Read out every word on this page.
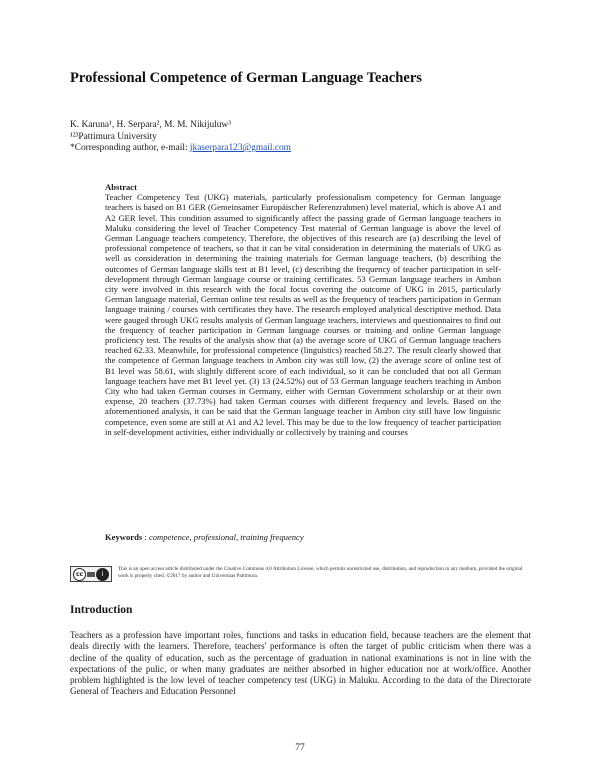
Professional Competence of German Language Teachers
K. Karuna¹, H. Serpara², M. M. Nikijuluw³
¹²³Pattimura University
*Corresponding author, e-mail: jkaserpara123@gmail.com
Abstract
Teacher Competency Test (UKG) materials, particularly professionalism competency for German language teachers is based on B1 GER (Gemeinsamer Europäischer Referenzrahmen) level material, which is above A1 and A2 GER level. This condition assumed to significantly affect the passing grade of German language teachers in Maluku considering the level of Teacher Competency Test material of German language is above the level of German Language teachers competency. Therefore, the objectives of this research are (a) describing the level of professional competence of teachers, so that it can be vital consideration in determining the materials of UKG as well as consideration in determining the training materials for German language teachers, (b) describing the outcomes of German language skills test at B1 level, (c) describing the frequency of teacher participation in self-development through German language course or training certificates. 53 German language teachers in Ambon city were involved in this research with the focal focus covering the outcome of UKG in 2015, particularly German language material, German online test results as well as the frequency of teachers participation in German language training / courses with certificates they have. The research employed analytical descriptive method. Data were gauged through UKG results analysis of German language teachers, interviews and questionnaires to find out the frequency of teacher participation in German language courses or training and online German language proficiency test. The results of the analysis show that (a) the average score of UKG of German language teachers reached 62.33. Meanwhile, for professional competence (linguistics) reached 58.27. The result clearly showed that the competence of German language teachers in Ambon city was still low, (2) the average score of online test of B1 level was 58.61, with slightly different score of each individual, so it can be concluded that not all German language teachers have met B1 level yet. (3) 13 (24.52%) out of 53 German language teachers teaching in Ambon City who had taken German courses in Germany, either with German Government scholarship or at their own expense, 20 teachers (37.73%) had taken German courses with different frequency and levels. Based on the aforementioned analysis, it can be said that the German language teacher in Ambon city still have low linguistic competence, even some are still at A1 and A2 level. This may be due to the low frequency of teacher participation in self-development activities, either individually or collectively by training and courses
Keywords : competence, professional, training frequency
cc	i
This is an open access article distributed under the Creative Commons 4.0 Attribution License, which permits unrestricted use, distribution, and reproduction in any medium, provided the original work is properly cited. ©2017 by author and Universitas Pattimura.
Introduction
Teachers as a profession have important roles, functions and tasks in education field, because teachers are the element that deals directly with the learners. Therefore, teachers' performance is often the target of public criticism when there was a decline of the quality of education, such as the percentage of graduation in national examinations is not in line with the expectations of the pulic, or when many graduates are neither absorbed in higher education nor at work/office. Another problem highlighted is the low level of teacher competency test (UKG) in Maluku. According to the data of the Directorate General of Teachers and Education Personnel
77
